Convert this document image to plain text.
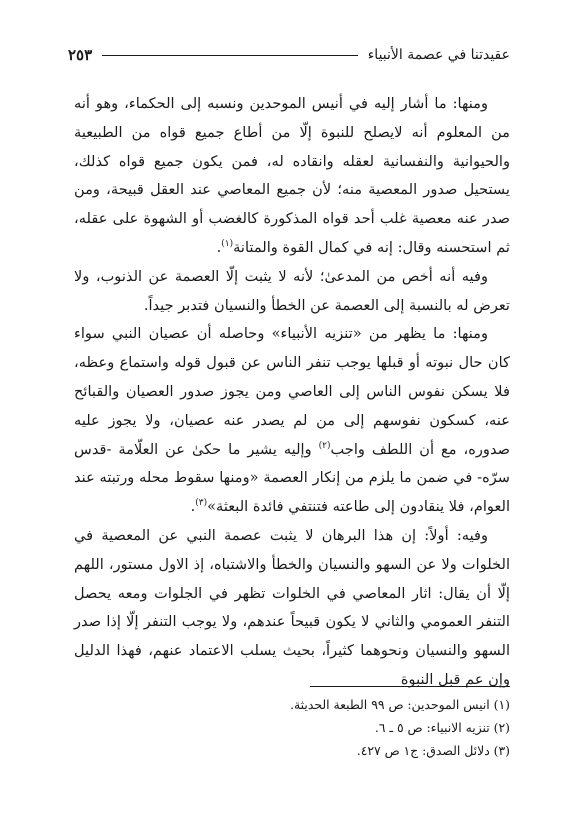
عقيدتنا في عصمة الأنبياء
٢٥٣

ومنها: ما أشار إليه في أنيس الموحدين ونسبه إلى الحكماء، وهو أنه من المعلوم أنه لايصلح للنبوة إلّا من أطاع جميع قواه من الطبيعية والحيوانية والنفسانية لعقله وانقاده له، فمن يكون جميع قواه كذلك، يستحيل صدور المعصية منه؛ لأن جميع المعاصي عند العقل قبيحة، ومن صدر عنه معصية غلب أحد قواه المذكورة كالغضب أو الشهوة على عقله، ثم استحسنه وقال: إنه في كمال القوة والمتانة$^{(١)}$.

وفيه أنه أخص من المدعىٰ؛ لأنه لا يثبت إلّا العصمة عن الذنوب، ولا تعرض له بالنسبة إلى العصمة عن الخطأ والنسيان فتدبر جيداً.

ومنها: ما يظهر من «تنزيه الأنبياء» وحاصله أن عصيان النبي سواء كان حال نبوته أو قبلها يوجب تنفر الناس عن قبول قوله واستماع وعظه، فلا يسكن نفوس الناس إلى العاصي ومن يجوز صدور العصيان والقبائح عنه، كسكون نفوسهم إلى من لم يصدر عنه عصيان، ولا يجوز عليه صدوره، مع أن اللطف واجب$^{(٢)}$ وإليه يشير ما حكىٰ عن العلّامة -قدس سرّه- في ضمن ما يلزم من إنكار العصمة «ومنها سقوط محله ورتبته عند العوام، فلا ينقادون إلى طاعته فتنتفي فائدة البعثة»$^{(٣)}$.

وفيه: أولاً: إن هذا البرهان لا يثبت عصمة النبي عن المعصية في الخلوات ولا عن السهو والنسيان والخطأ والاشتباه، إذ الاول مستور، اللهم إلّا أن يقال: اثار المعاصي في الخلوات تظهر في الجلوات ومعه يحصل التنفر العمومي والثاني لا يكون قبيحاً عندهم، ولا يوجب التنفر إلّا إذا صدر السهو والنسيان ونحوهما كثيراً، بحيث يسلب الاعتماد عنهم، فهذا الدليل وإن عم قبل النبوة

(١) انيس الموحدين: ص ٩٩ الطبعة الحديثة.

(٢) تنزيه الانبياء: ص ٥ ـ ٦.

(٣) دلائل الصدق: ج١ ص ٤٢٧.
